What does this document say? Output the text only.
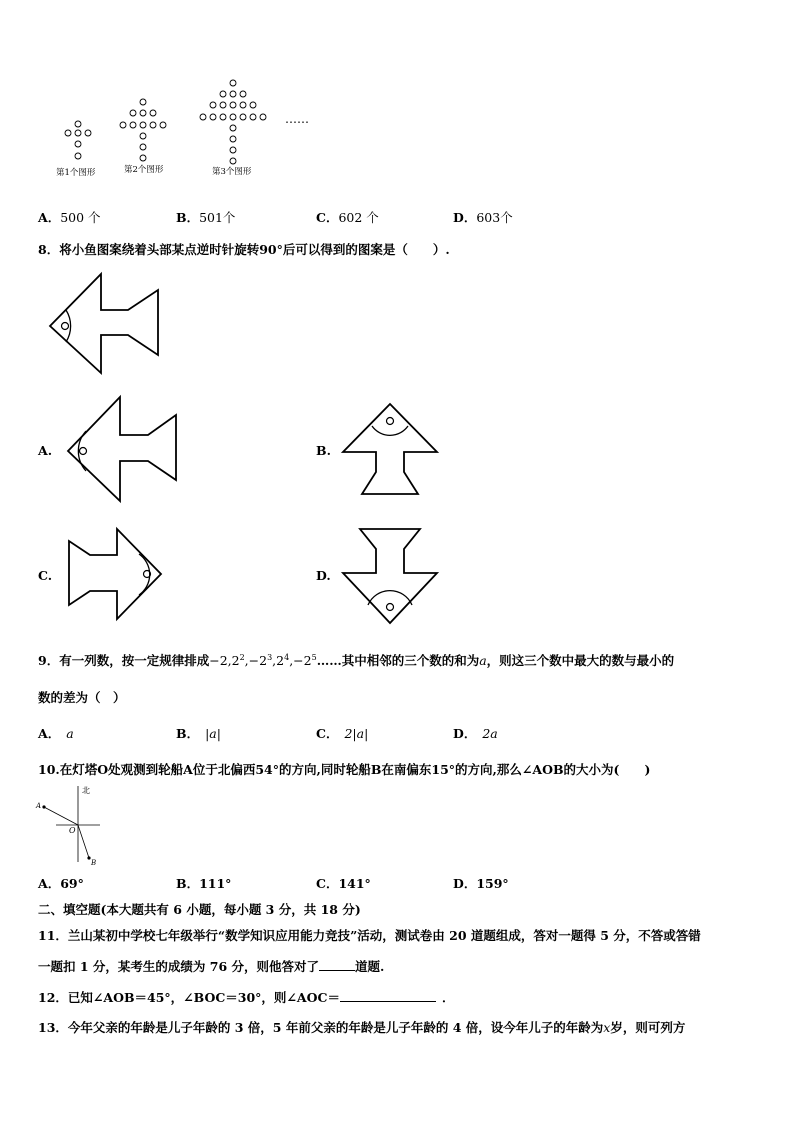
第1个图形	第2个图形	第3个图形
……
A．500 个	B．501个	C．602 个	D．603个
8．将小鱼图案绕着头部某点逆时针旋转90°后可以得到的图案是（　　）.
A.	B.
C.	D.
9．有一列数，按一定规律排成$-2,2^2,-2^3,2^4,-2^5\dots\dots$其中相邻的三个数的和为a，则这三个数中最大的数与最小的
数的差为（　）
A． a	B． |a|	C． 2|a|	D． 2a
10.在灯塔O处观测到轮船A位于北偏西54°的方向,同时轮船B在南偏东15°的方向,那么∠AOB的大小为(　　)
北
A
O
B
A．69°	B．111°	C．141°	D．159°
二、填空题(本大题共有 6 小题，每小题 3 分，共 18 分)
11．兰山某初中学校七年级举行“数学知识应用能力竞技”活动，测试卷由 20 道题组成，答对一题得 5 分，不答或答错
一题扣 1 分，某考生的成绩为 76 分，则他答对了	道题.
12．已知∠AOB＝45°，∠BOC＝30°，则∠AOC＝	．
13．今年父亲的年龄是儿子年龄的 3 倍，5 年前父亲的年龄是儿子年龄的 4 倍，设今年儿子的年龄为x岁，则可列方
